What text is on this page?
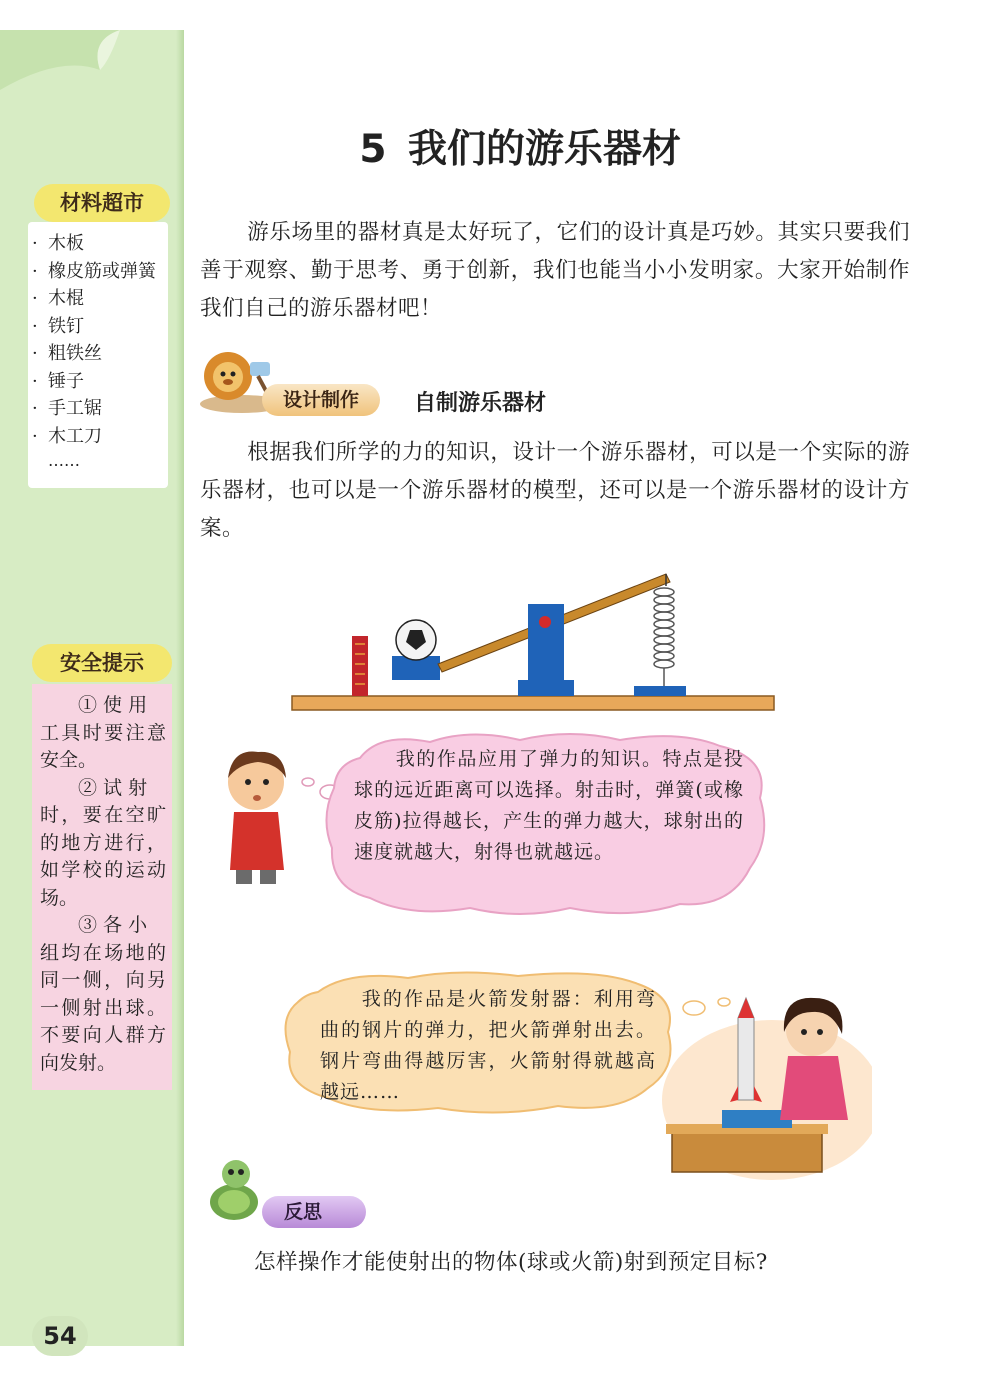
材料超市
· 木板
· 橡皮筋或弹簧
· 木棍
· 铁钉
· 粗铁丝
· 锤子
· 手工锯
· 木工刀
……
安全提示

① 使 用
工具时要注意安全。

② 试 射
时，要在空旷的地方进行，如学校的运动场。

③ 各 小
组均在场地的同一侧，向另一侧射出球。不要向人群方向发射。

54
5 我们的游乐器材
游乐场里的器材真是太好玩了，它们的设计真是巧妙。其实只要我们善于观察、勤于思考、勇于创新，我们也能当小小发明家。大家开始制作我们自己的游乐器材吧！
设计制作	自制游乐器材
根据我们所学的力的知识，设计一个游乐器材，可以是一个实际的游乐器材，也可以是一个游乐器材的模型，还可以是一个游乐器材的设计方案。
我的作品应用了弹力的知识。特点是投球的远近距离可以选择。射击时，弹簧(或橡皮筋)拉得越长，产生的弹力越大，球射出的速度就越大，射得也就越远。
我的作品是火箭发射器：利用弯曲的钢片的弹力，把火箭弹射出去。钢片弯曲得越厉害，火箭射得就越高越远……
反思
怎样操作才能使射出的物体(球或火箭)射到预定目标?
